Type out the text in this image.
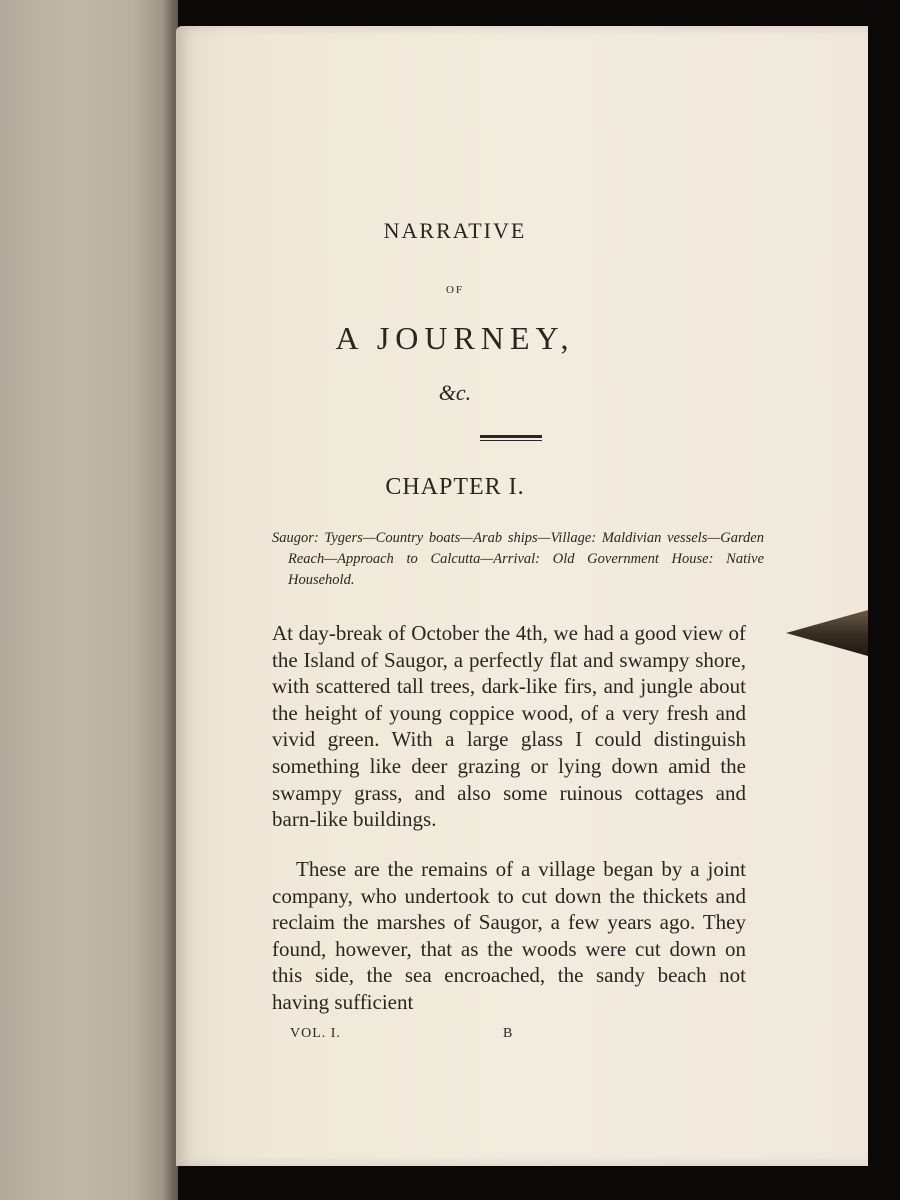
NARRATIVE
OF
A JOURNEY,
&c.
CHAPTER I.

Saugor: Tygers—Country boats—Arab ships—Village: Maldivian vessels—Garden Reach—Approach to Calcutta—Arrival: Old Government House: Native Household.

At day-break of October the 4th, we had a good view of the Island of Saugor, a perfectly flat and swampy shore, with scattered tall trees, dark-like firs, and jungle about the height of young coppice wood, of a very fresh and vivid green. With a large glass I could distinguish something like deer grazing or lying down amid the swampy grass, and also some ruinous cottages and barn-like buildings.

These are the remains of a village began by a joint company, who undertook to cut down the thickets and reclaim the marshes of Saugor, a few years ago. They found, however, that as the woods were cut down on this side, the sea encroached, the sandy beach not having sufficient

VOL. I.	B
